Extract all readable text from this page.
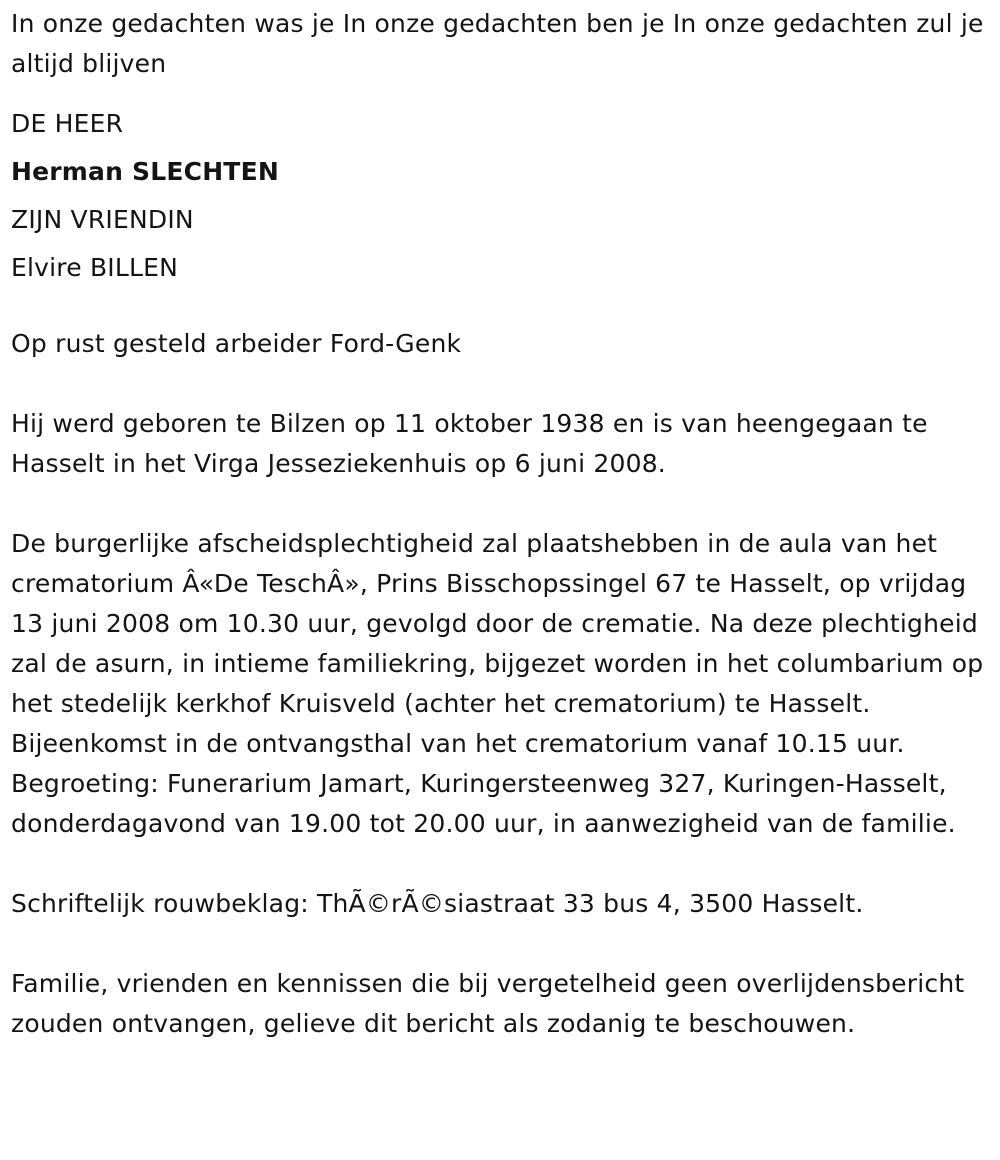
In onze gedachten was je In onze gedachten ben je In onze gedachten zul je altijd blijven

DE HEER

Herman SLECHTEN

ZIJN VRIENDIN

Elvire BILLEN

Op rust gesteld arbeider Ford-Genk

Hij werd geboren te Bilzen op 11 oktober 1938 en is van heengegaan te Hasselt in het Virga Jesseziekenhuis op 6 juni 2008.

De burgerlijke afscheidsplechtigheid zal plaatshebben in de aula van het crematorium Â«De TeschÂ», Prins Bisschopssingel 67 te Hasselt, op vrijdag 13 juni 2008 om 10.30 uur, gevolgd door de crematie. Na deze plechtigheid zal de asurn, in intieme familiekring, bijgezet worden in het columbarium op het stedelijk kerkhof Kruisveld (achter het crematorium) te Hasselt. Bijeenkomst in de ontvangsthal van het crematorium vanaf 10.15 uur. Begroeting: Funerarium Jamart, Kuringersteenweg 327, Kuringen-Hasselt, donderdagavond van 19.00 tot 20.00 uur, in aanwezigheid van de familie.

Schriftelijk rouwbeklag: ThÃ©rÃ©siastraat 33 bus 4, 3500 Hasselt.

Familie, vrienden en kennissen die bij vergetelheid geen overlijdensbericht zouden ontvangen, gelieve dit bericht als zodanig te beschouwen.
